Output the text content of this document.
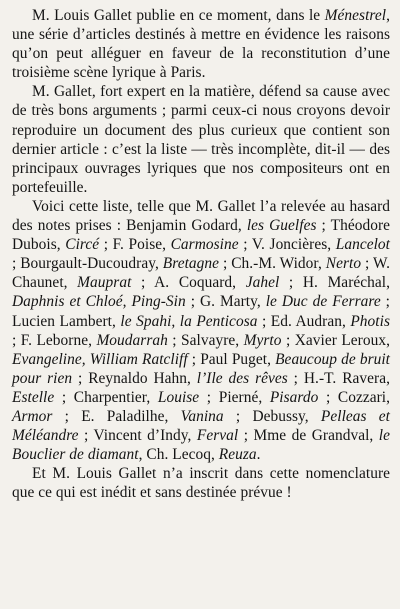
M. Louis Gallet publie en ce moment, dans le Ménestrel, une série d’articles destinés à mettre en évidence les raisons qu’on peut alléguer en faveur de la reconstitution d’une troisième scène lyrique à Paris.

M. Gallet, fort expert en la matière, défend sa cause avec de très bons arguments ; parmi ceux-ci nous croyons devoir reproduire un document des plus curieux que contient son dernier article : c’est la liste — très incomplète, dit-il — des principaux ouvrages lyriques que nos compositeurs ont en portefeuille.

Voici cette liste, telle que M. Gallet l’a relevée au hasard des notes prises : Benjamin Godard, les Guelfes ; Théodore Dubois, Circé ; F. Poise, Carmosine ; V. Joncières, Lancelot ; Bourgault-Ducoudray, Bretagne ; Ch.-M. Widor, Nerto ; W. Chaunet, Mauprat ; A. Coquard, Jahel ; H. Maréchal, Daphnis et Chloé, Ping-Sin ; G. Marty, le Duc de Ferrare ; Lucien Lambert, le Spahi, la Penticosa ; Ed. Audran, Photis ; F. Leborne, Moudarrah ; Salvayre, Myrto ; Xavier Leroux, Evangeline, William Ratcliff ; Paul Puget, Beaucoup de bruit pour rien ; Reynaldo Hahn, l’Ile des rêves ; H.-T. Ravera, Estelle ; Charpentier, Louise ; Pierné, Pisardo ; Cozzari, Armor ; E. Paladilhe, Vanina ; Debussy, Pelleas et Méléandre ; Vincent d’Indy, Ferval ; Mme de Grandval, le Bouclier de diamant, Ch. Lecoq, Reuza.

Et M. Louis Gallet n’a inscrit dans cette nomenclature que ce qui est inédit et sans destinée prévue !
